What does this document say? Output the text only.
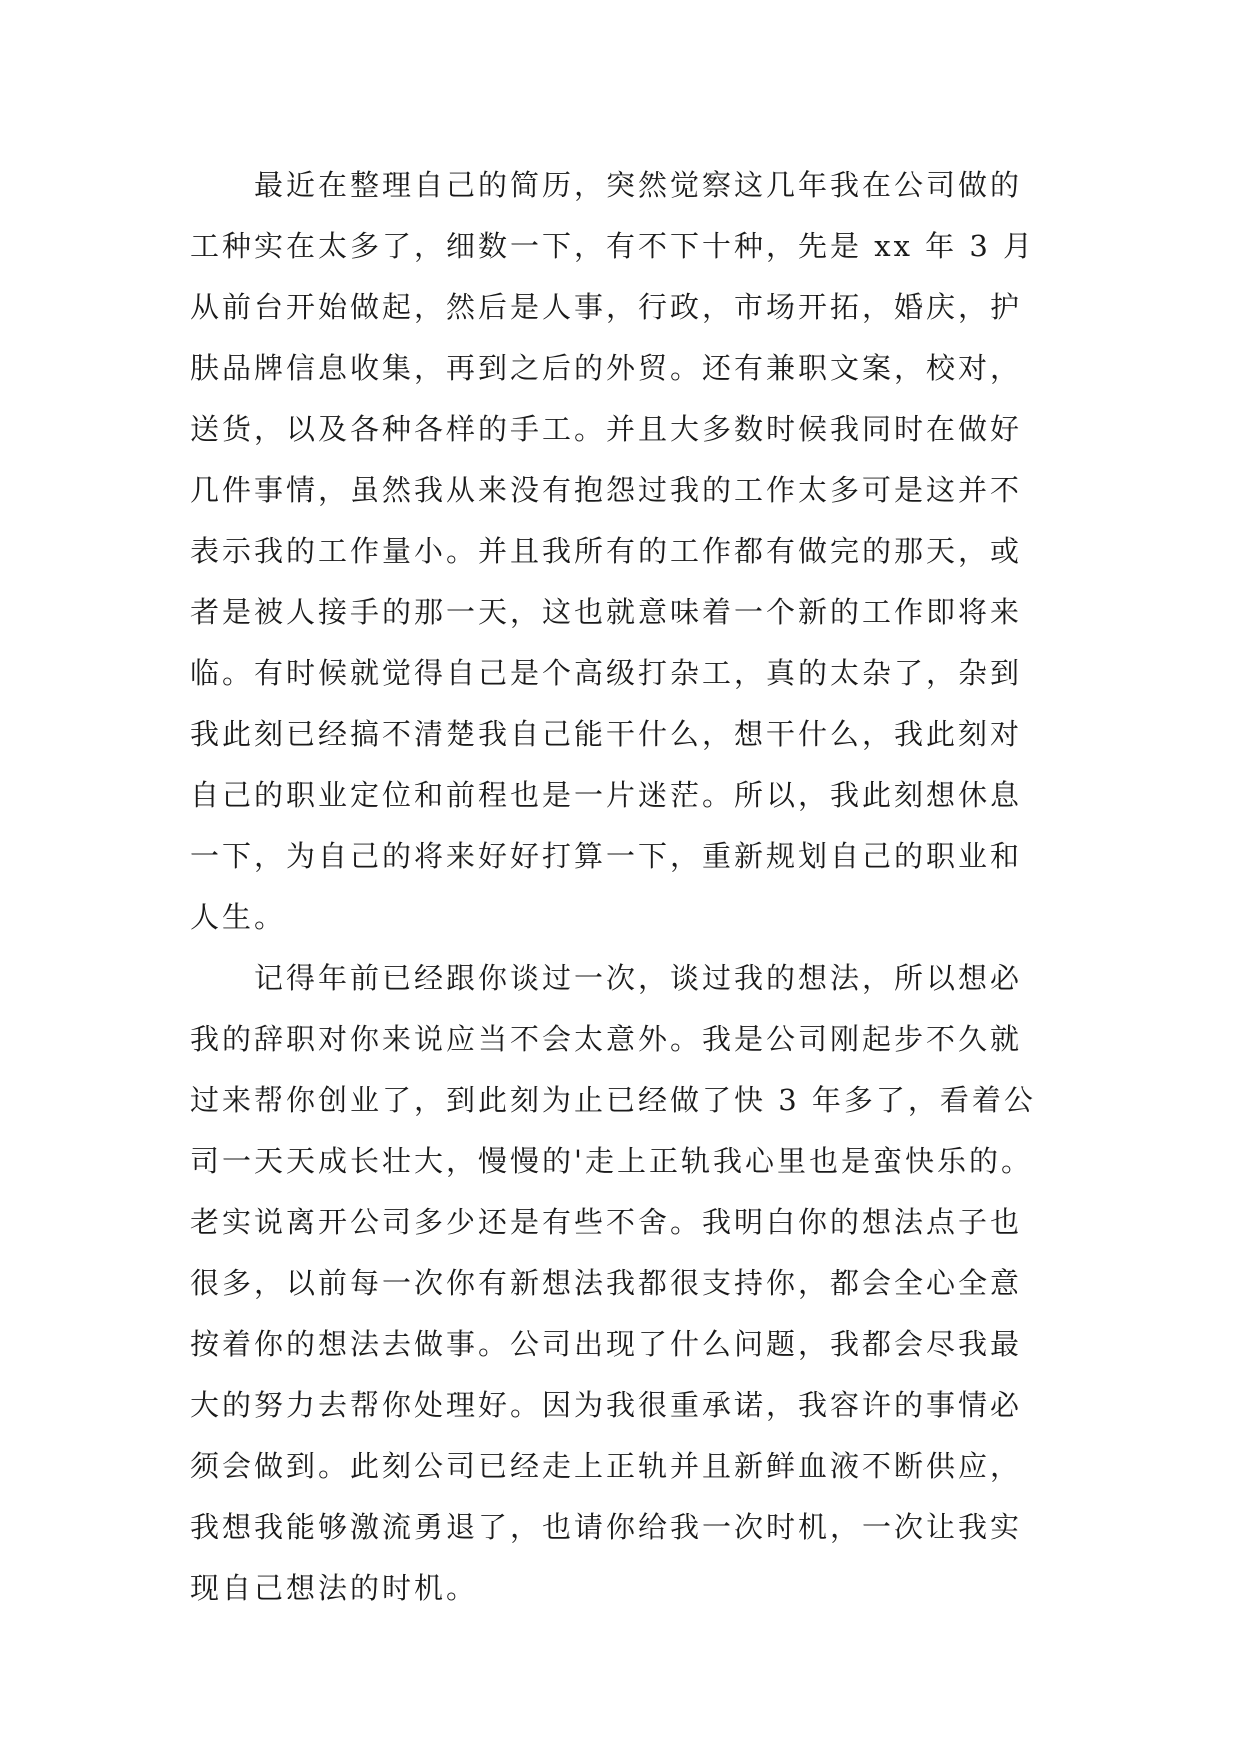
最近在整理自己的简历，突然觉察这几年我在公司做的
工种实在太多了，细数一下，有不下十种，先是 xx 年 3 月
从前台开始做起，然后是人事，行政，市场开拓，婚庆，护
肤品牌信息收集，再到之后的外贸。还有兼职文案，校对，
送货，以及各种各样的手工。并且大多数时候我同时在做好
几件事情，虽然我从来没有抱怨过我的工作太多可是这并不
表示我的工作量小。并且我所有的工作都有做完的那天，或
者是被人接手的那一天，这也就意味着一个新的工作即将来
临。有时候就觉得自己是个高级打杂工，真的太杂了，杂到
我此刻已经搞不清楚我自己能干什么，想干什么，我此刻对
自己的职业定位和前程也是一片迷茫。所以，我此刻想休息
一下，为自己的将来好好打算一下，重新规划自己的职业和
人生。
记得年前已经跟你谈过一次，谈过我的想法，所以想必
我的辞职对你来说应当不会太意外。我是公司刚起步不久就
过来帮你创业了，到此刻为止已经做了快 3 年多了，看着公
司一天天成长壮大，慢慢的'走上正轨我心里也是蛮快乐的。
老实说离开公司多少还是有些不舍。我明白你的想法点子也
很多，以前每一次你有新想法我都很支持你，都会全心全意
按着你的想法去做事。公司出现了什么问题，我都会尽我最
大的努力去帮你处理好。因为我很重承诺，我容许的事情必
须会做到。此刻公司已经走上正轨并且新鲜血液不断供应，
我想我能够激流勇退了，也请你给我一次时机，一次让我实
现自己想法的时机。
